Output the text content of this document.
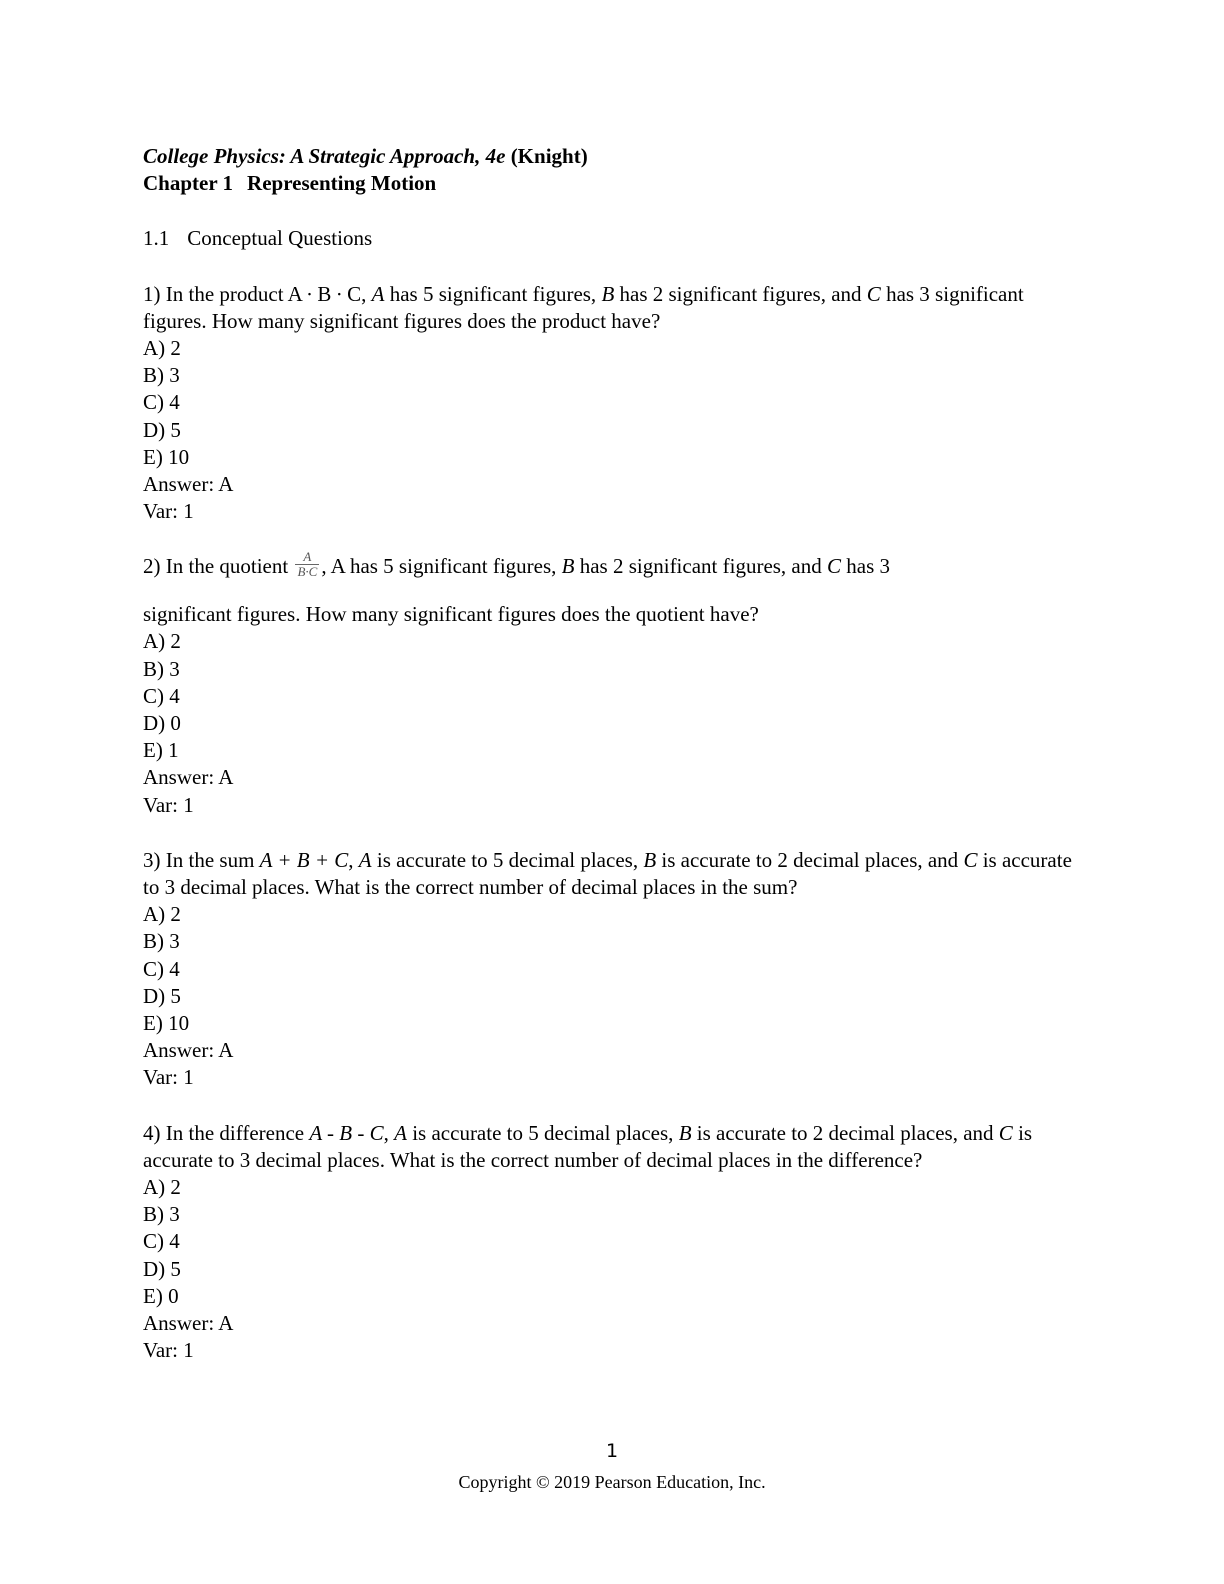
College Physics: A Strategic Approach, 4e (Knight)

Chapter 1 Representing Motion

1.1 Conceptual Questions

1) In the product A ∙ B ∙ C, A has 5 significant figures, B has 2 significant figures, and C has 3 significant figures. How many significant figures does the product have?

A) 2

B) 3

C) 4

D) 5

E) 10

Answer: A

Var: 1

2) In the quotient $\frac{A}{B\cdot C}$ , A has 5 significant figures, B has 2 significant figures, and C has 3

significant figures. How many significant figures does the quotient have?

A) 2

B) 3

C) 4

D) 0

E) 1

Answer: A

Var: 1

3) In the sum A + B + C, A is accurate to 5 decimal places, B is accurate to 2 decimal places, and C is accurate to 3 decimal places. What is the correct number of decimal places in the sum?

A) 2

B) 3

C) 4

D) 5

E) 10

Answer: A

Var: 1

4) In the difference A - B - C, A is accurate to 5 decimal places, B is accurate to 2 decimal places, and C is accurate to 3 decimal places. What is the correct number of decimal places in the difference?

A) 2

B) 3

C) 4

D) 5

E) 0

Answer: A

Var: 1

1
Copyright © 2019 Pearson Education, Inc.
